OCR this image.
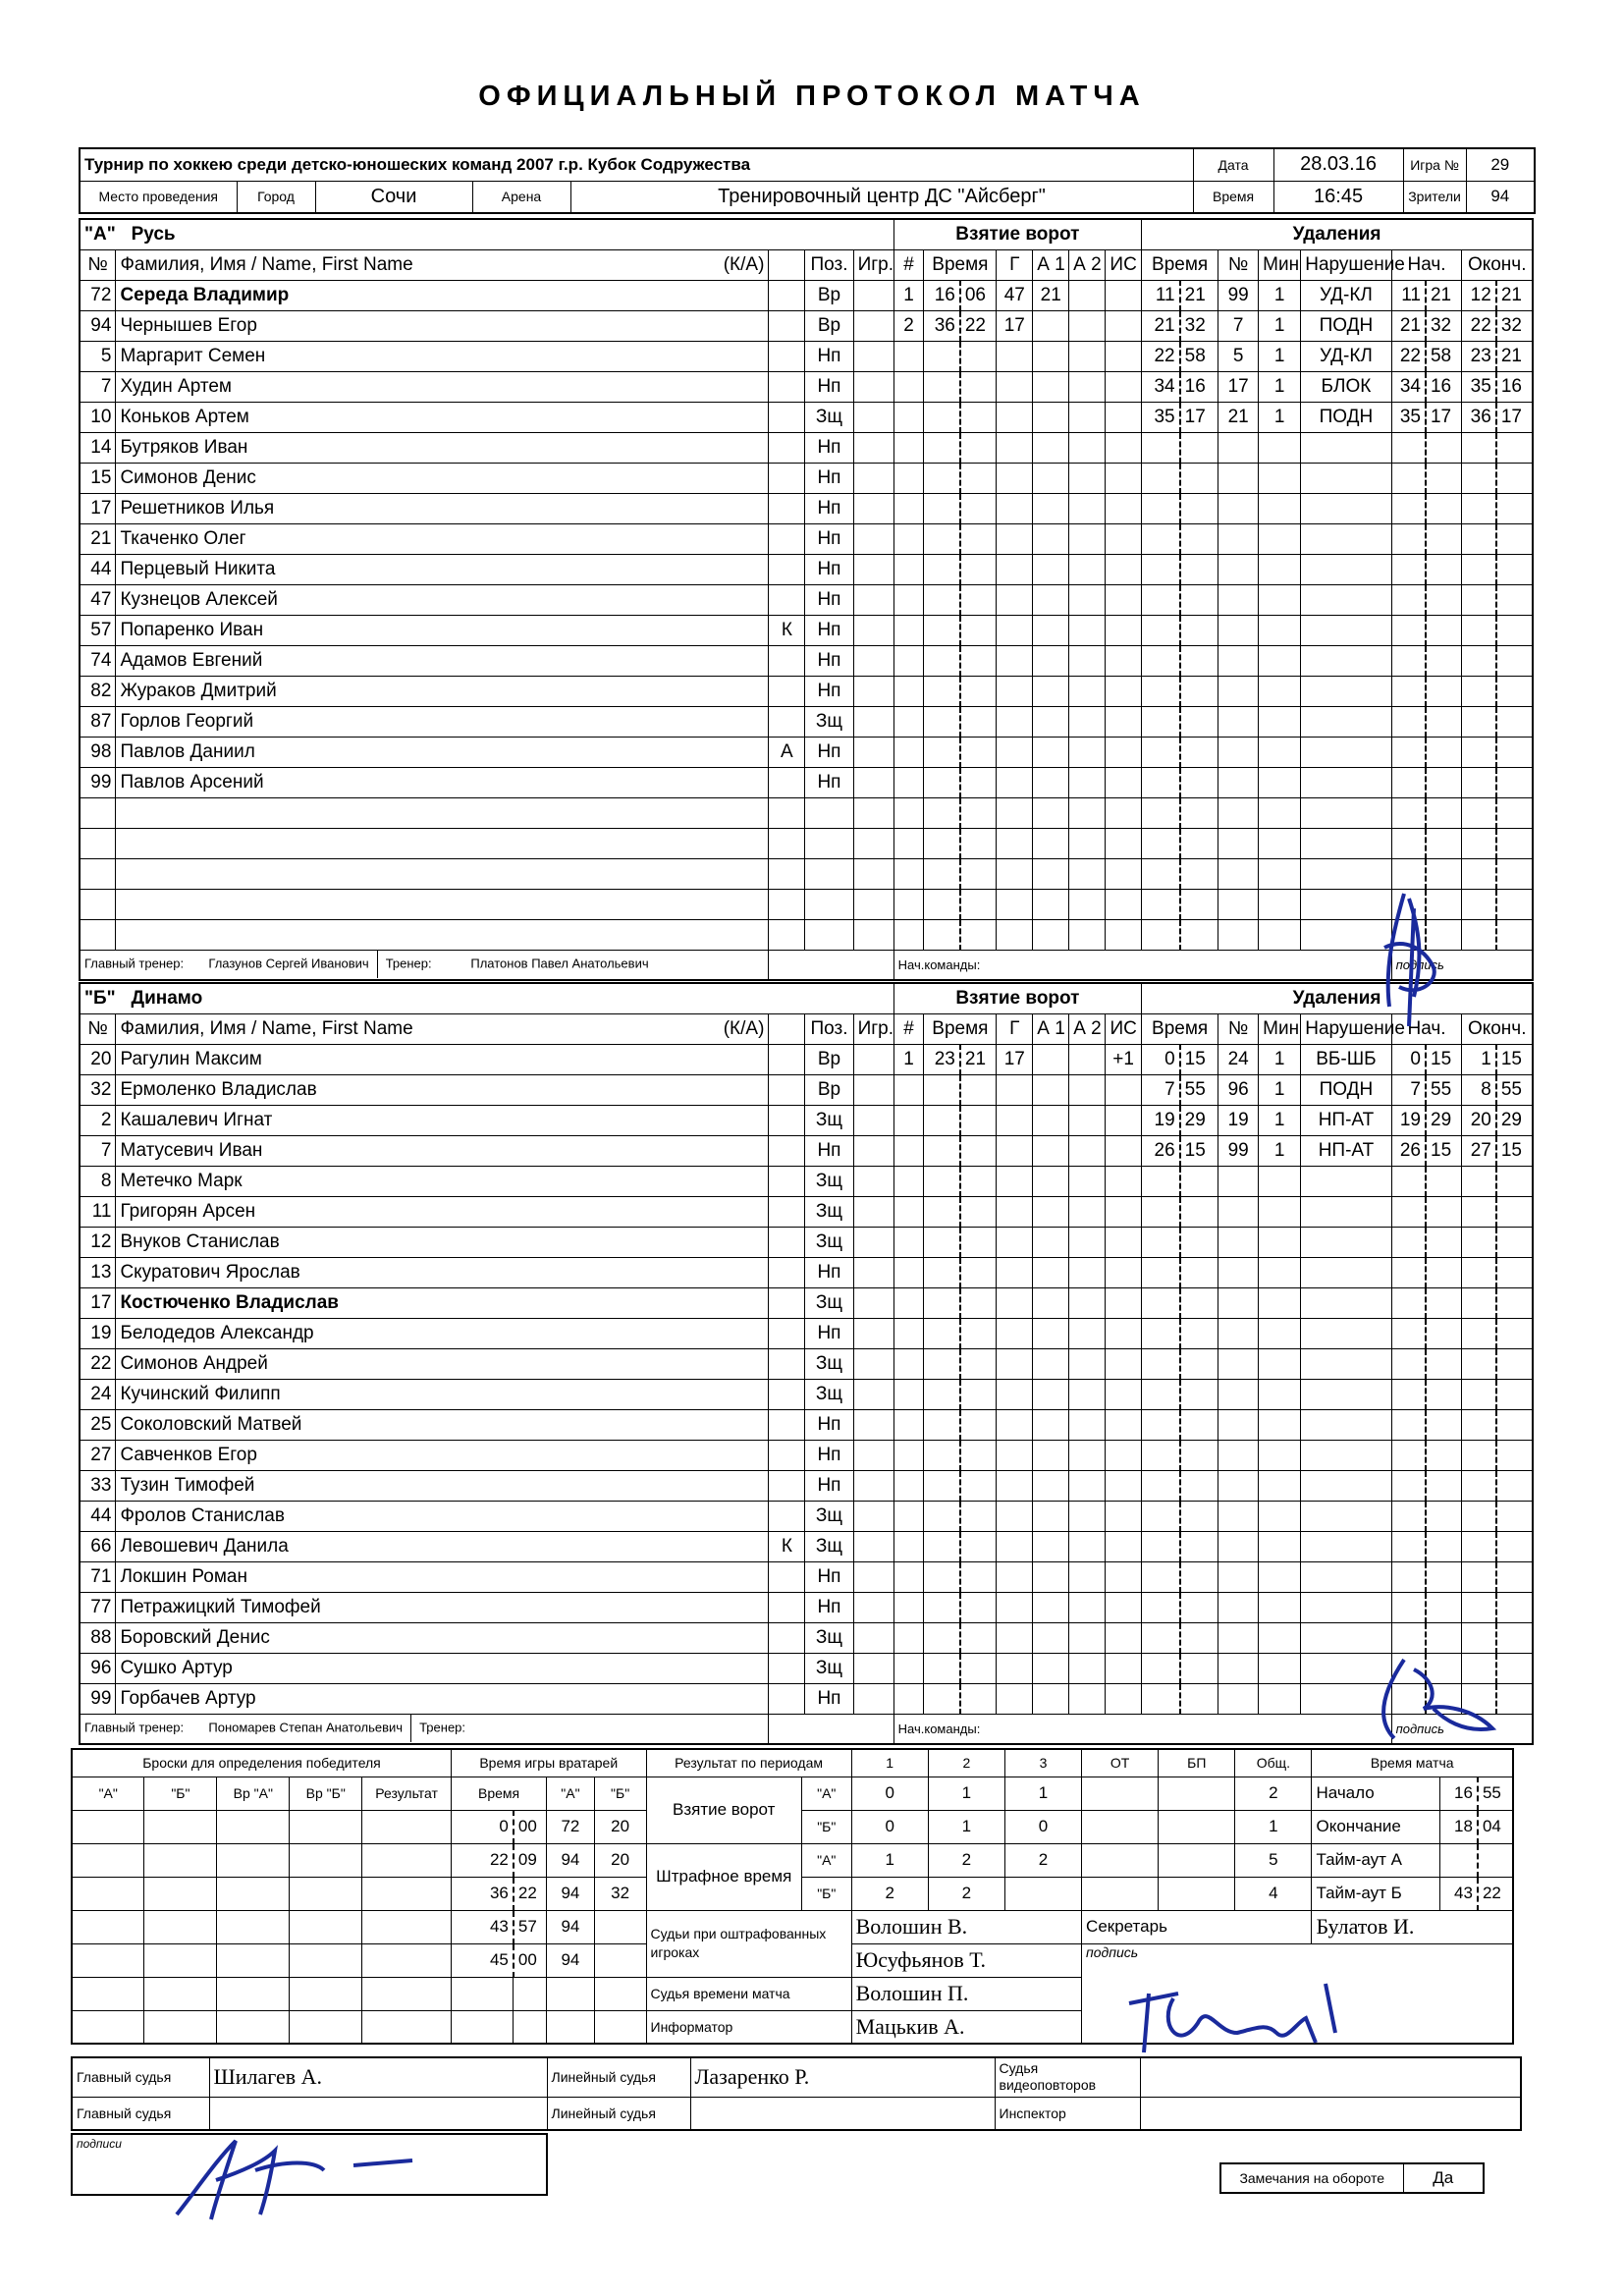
ОФИЦИАЛЬНЫЙ ПРОТОКОЛ МАТЧА
Турнир по хоккею среди детско-юношеских команд 2007 г.р. Кубок Содружества					Дата	28.03.16	Игра №	29
Место проведения	Город	Сочи	Арена	Тренировочный центр ДС "Айсберг"	Время	16:45	Зрители	94
"А" Русь					Взятие ворот							Удаления								
№	Фамилия, Имя / Name, First Name (К/А)		Поз.	Игр.	#	Время		Г	А 1	А 2	ИС	Время		№	Мин	Нарушение	Нач.		Оконч.	
72	Середа Владимир		Вр		1	16	06	47	21			11	21	99	1	УД-КЛ	11	21	12	21
94	Чернышев Егор		Вр		2	36	22	17				21	32	7	1	ПОДН	21	32	22	32
5	Маргарит Семен		Нп									22	58	5	1	УД-КЛ	22	58	23	21
7	Худин Артем		Нп									34	16	17	1	БЛОК	34	16	35	16
10	Коньков Артем		Зщ									35	17	21	1	ПОДН	35	17	36	17
14	Бутряков Иван		Нп																	
15	Симонов Денис		Нп																	
17	Решетников Илья		Нп																	
21	Ткаченко Олег		Нп																	
44	Перцевый Никита		Нп																	
47	Кузнецов Алексей		Нп																	
57	Попаренко Иван	К	Нп																	
74	Адамов Евгений		Нп																	
82	Жураков Дмитрий		Нп																	
87	Горлов Георгий		Зщ																	
98	Павлов Даниил	А	Нп																	
99	Павлов Арсений		Нп																	

Главный тренер: Глазунов Сергей Иванович Тренер: Платонов Павел Анатольевич					Нач.команды:												подпись			
"Б" Динамо					Взятие ворот							Удаления								
№	Фамилия, Имя / Name, First Name (К/А)		Поз.	Игр.	#	Время		Г	А 1	А 2	ИС	Время		№	Мин	Нарушение	Нач.		Оконч.	
20	Рагулин Максим		Вр		1	23	21	17			+1	0	15	24	1	ВБ-ШБ	0	15	1	15
32	Ермоленко Владислав		Вр									7	55	96	1	ПОДН	7	55	8	55
2	Кашалевич Игнат		Зщ									19	29	19	1	НП-АТ	19	29	20	29
7	Матусевич Иван		Нп									26	15	99	1	НП-АТ	26	15	27	15
8	Метечко Марк		Зщ																	
11	Григорян Арсен		Зщ																	
12	Внуков Станислав		Зщ																	
13	Скуратович Ярослав		Нп																	
17	Костюченко Владислав		Зщ																	
19	Белодедов Александр		Нп																	
22	Симонов Андрей		Зщ																	
24	Кучинский Филипп		Зщ																	
25	Соколовский Матвей		Нп																	
27	Савченков Егор		Нп																	
33	Тузин Тимофей		Нп																	
44	Фролов Станислав		Зщ																	
66	Левошевич Данила	К	Зщ																	
71	Локшин Роман		Нп																	
77	Петражицкий Тимофей		Нп																	
88	Боровский Денис		Зщ																	
96	Сушко Артур		Зщ																	
99	Горбачев Артур		Нп																	
Главный тренер: Пономарев Степан Анатольевич Тренер:					Нач.команды:												подпись			
Броски для определения победителя					Время игры вратарей				Результат по периодам		1	2	3	ОТ	БП	Общ.	Время матча		
"А"	"Б"	Вр "А"	Вр "Б"	Результат	Время		"А"	"Б"	Взятие ворот	"А"	0	1	1			2	Начало	16	55
					0	00	72	20		"Б"	0	1	0			1	Окончание	18	04
					22	09	94	20	Штрафное время	"А"	1	2	2			5	Тайм-аут А		
					36	22	94	32		"Б"	2	2				4	Тайм-аут Б	43	22
					43	57	94		Судьи при оштрафованных игроках		Волошин В.			Секретарь			Булатов И.		
					45	00	94				Юсуфьянов Т.			подпись					
									Судья времени матча		Волошин П.								
									Информатор		Мацькив А.								
Главный судья	Шилагев А.	Линейный судья	Лазаренко Р.	Судья видеоповторов	
Главный судья		Линейный судья		Инспектор	
подписи
Замечания на обороте	Да
